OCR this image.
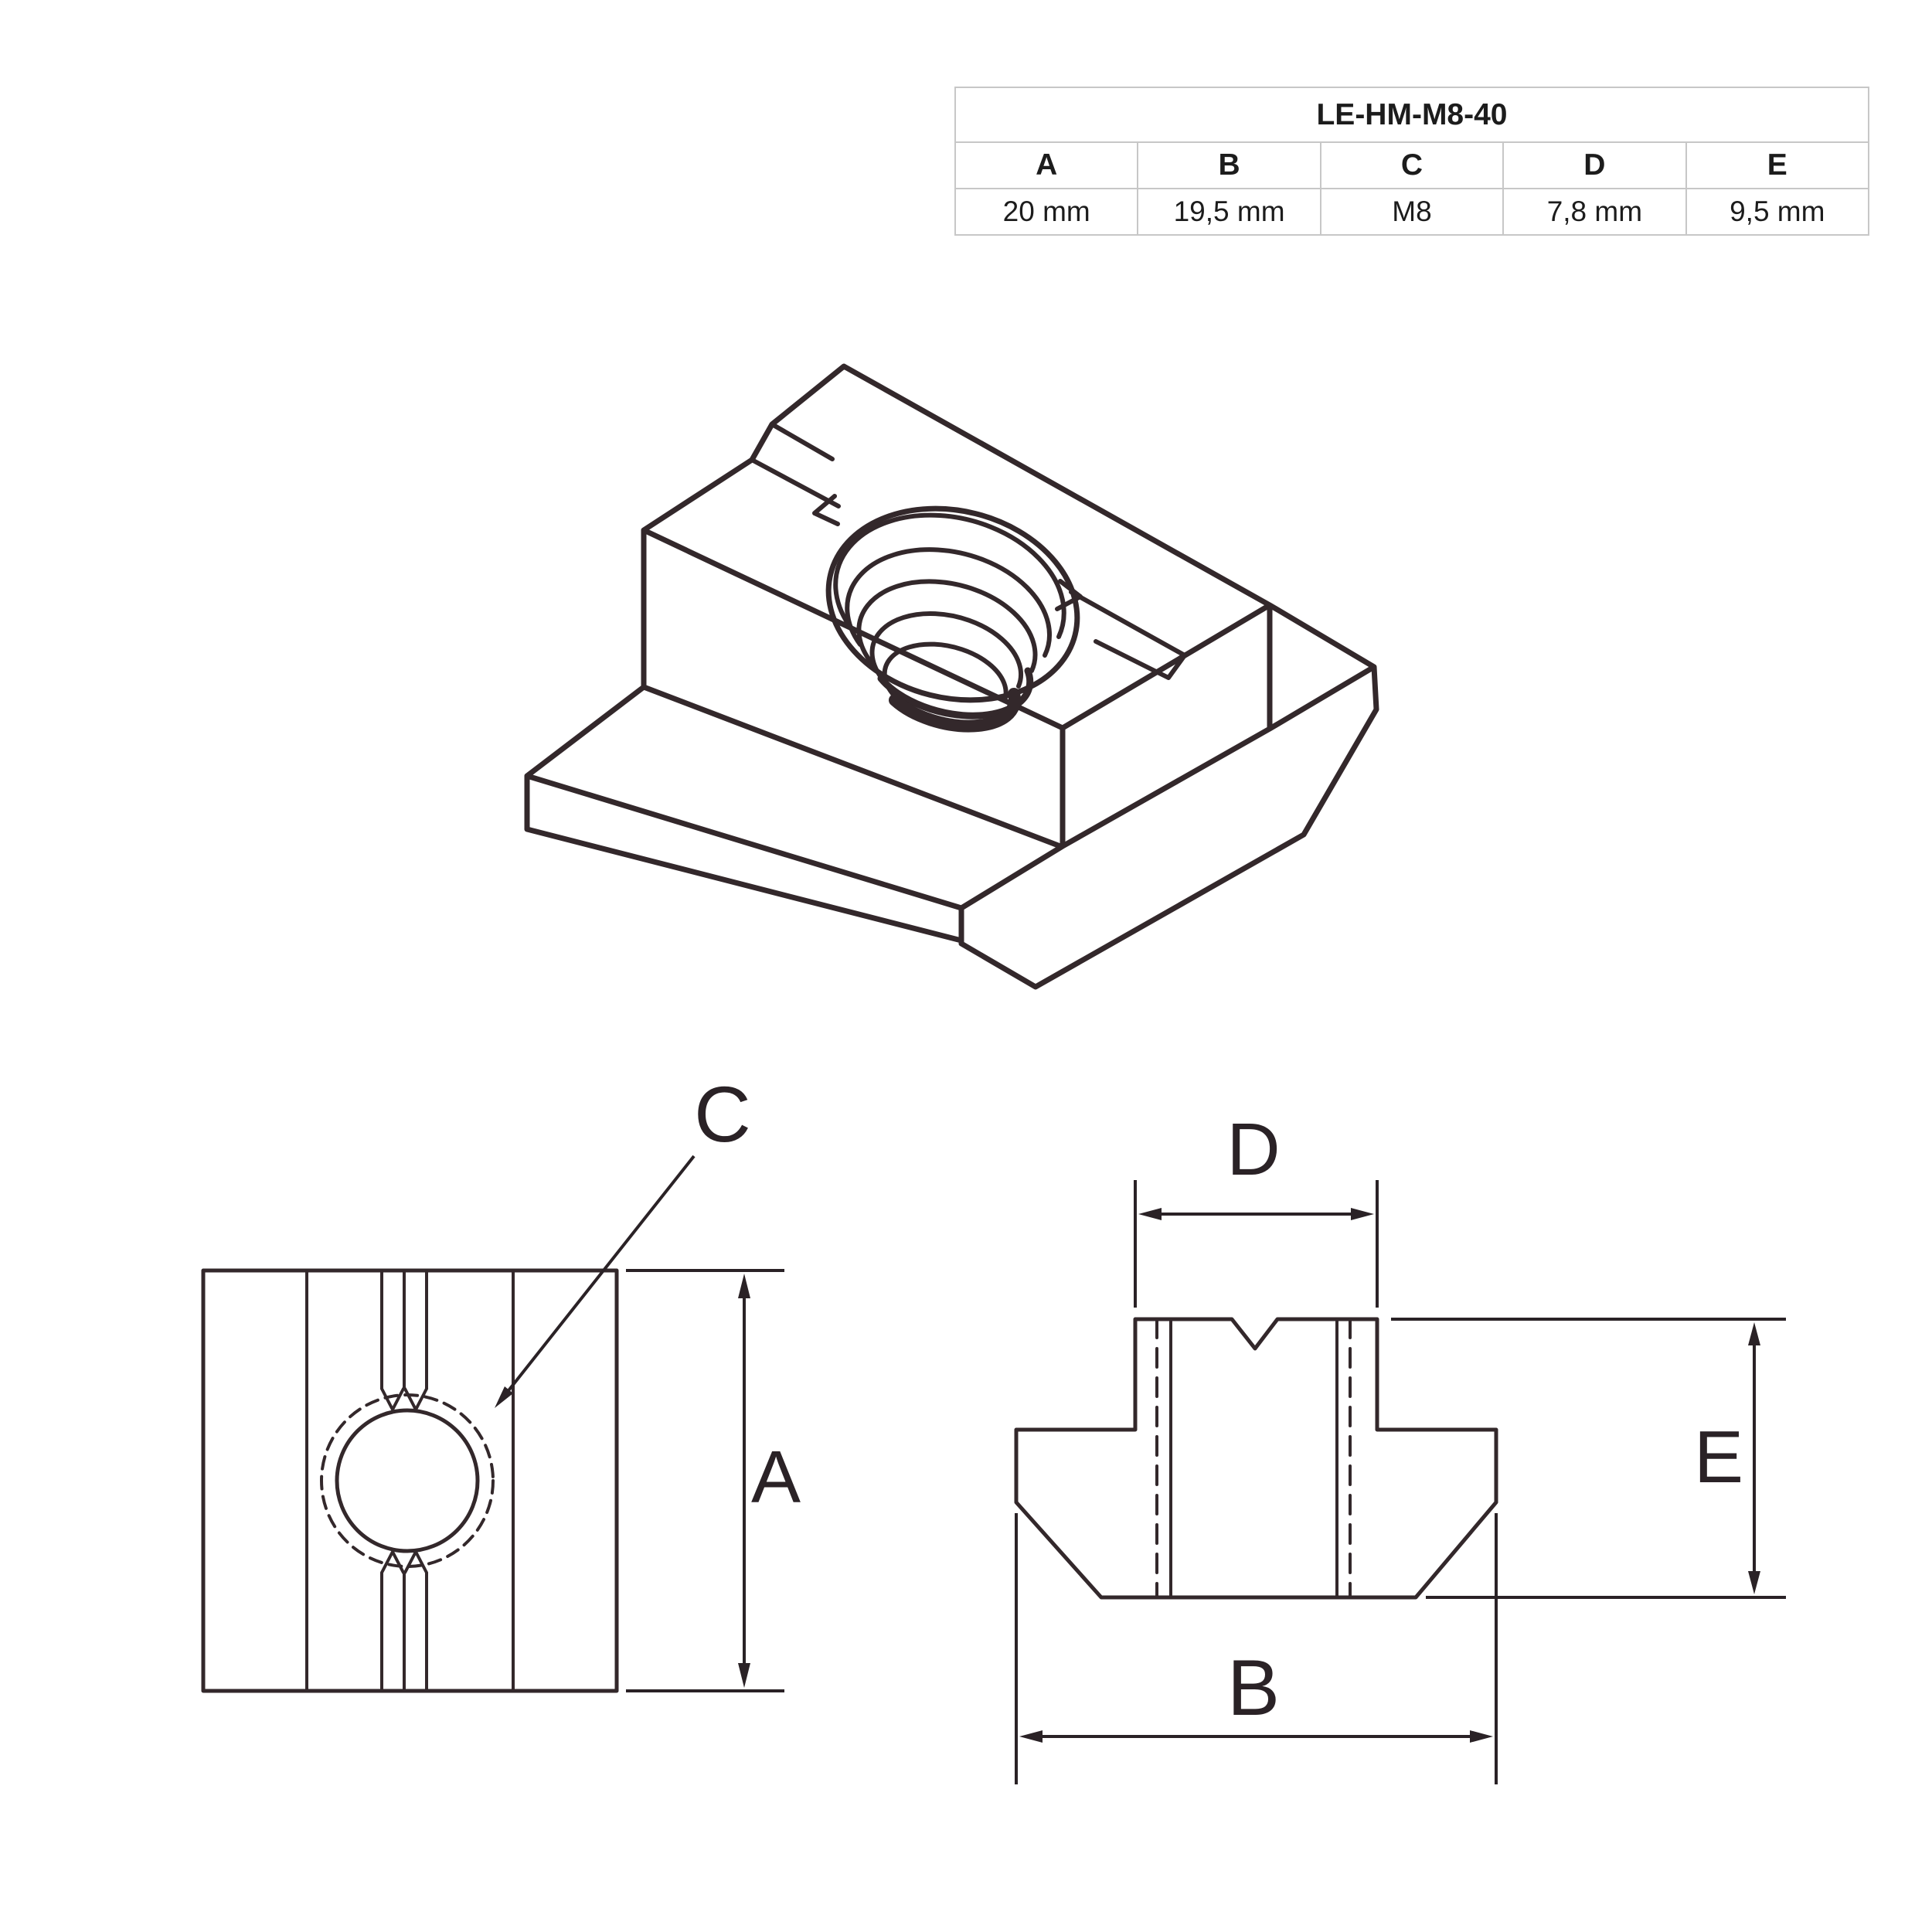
LE-HM-M8-40				
A	B	C	D	E
20 mm	19,5 mm	M8	7,8 mm	9,5 mm
C
A
D
E
B
